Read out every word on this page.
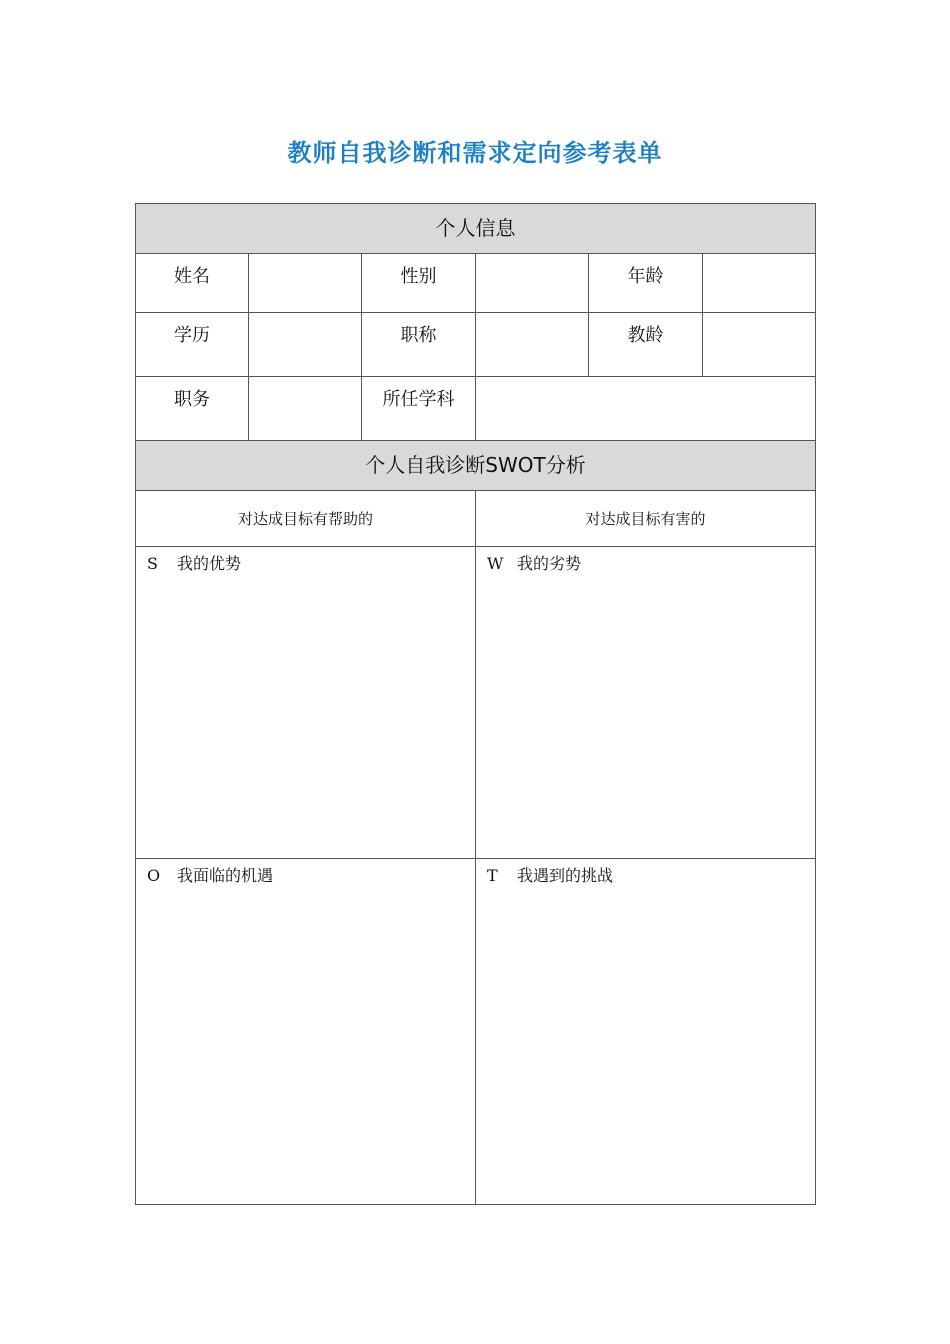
教师自我诊断和需求定向参考表单
个人信息					
姓名		性别		年龄	
学历		职称		教龄	
职务		所任学科			
个人自我诊断SWOT分析					
对达成目标有帮助的			对达成目标有害的		
S 我的优势			W 我的劣势		
O 我面临的机遇			T 我遇到的挑战		
